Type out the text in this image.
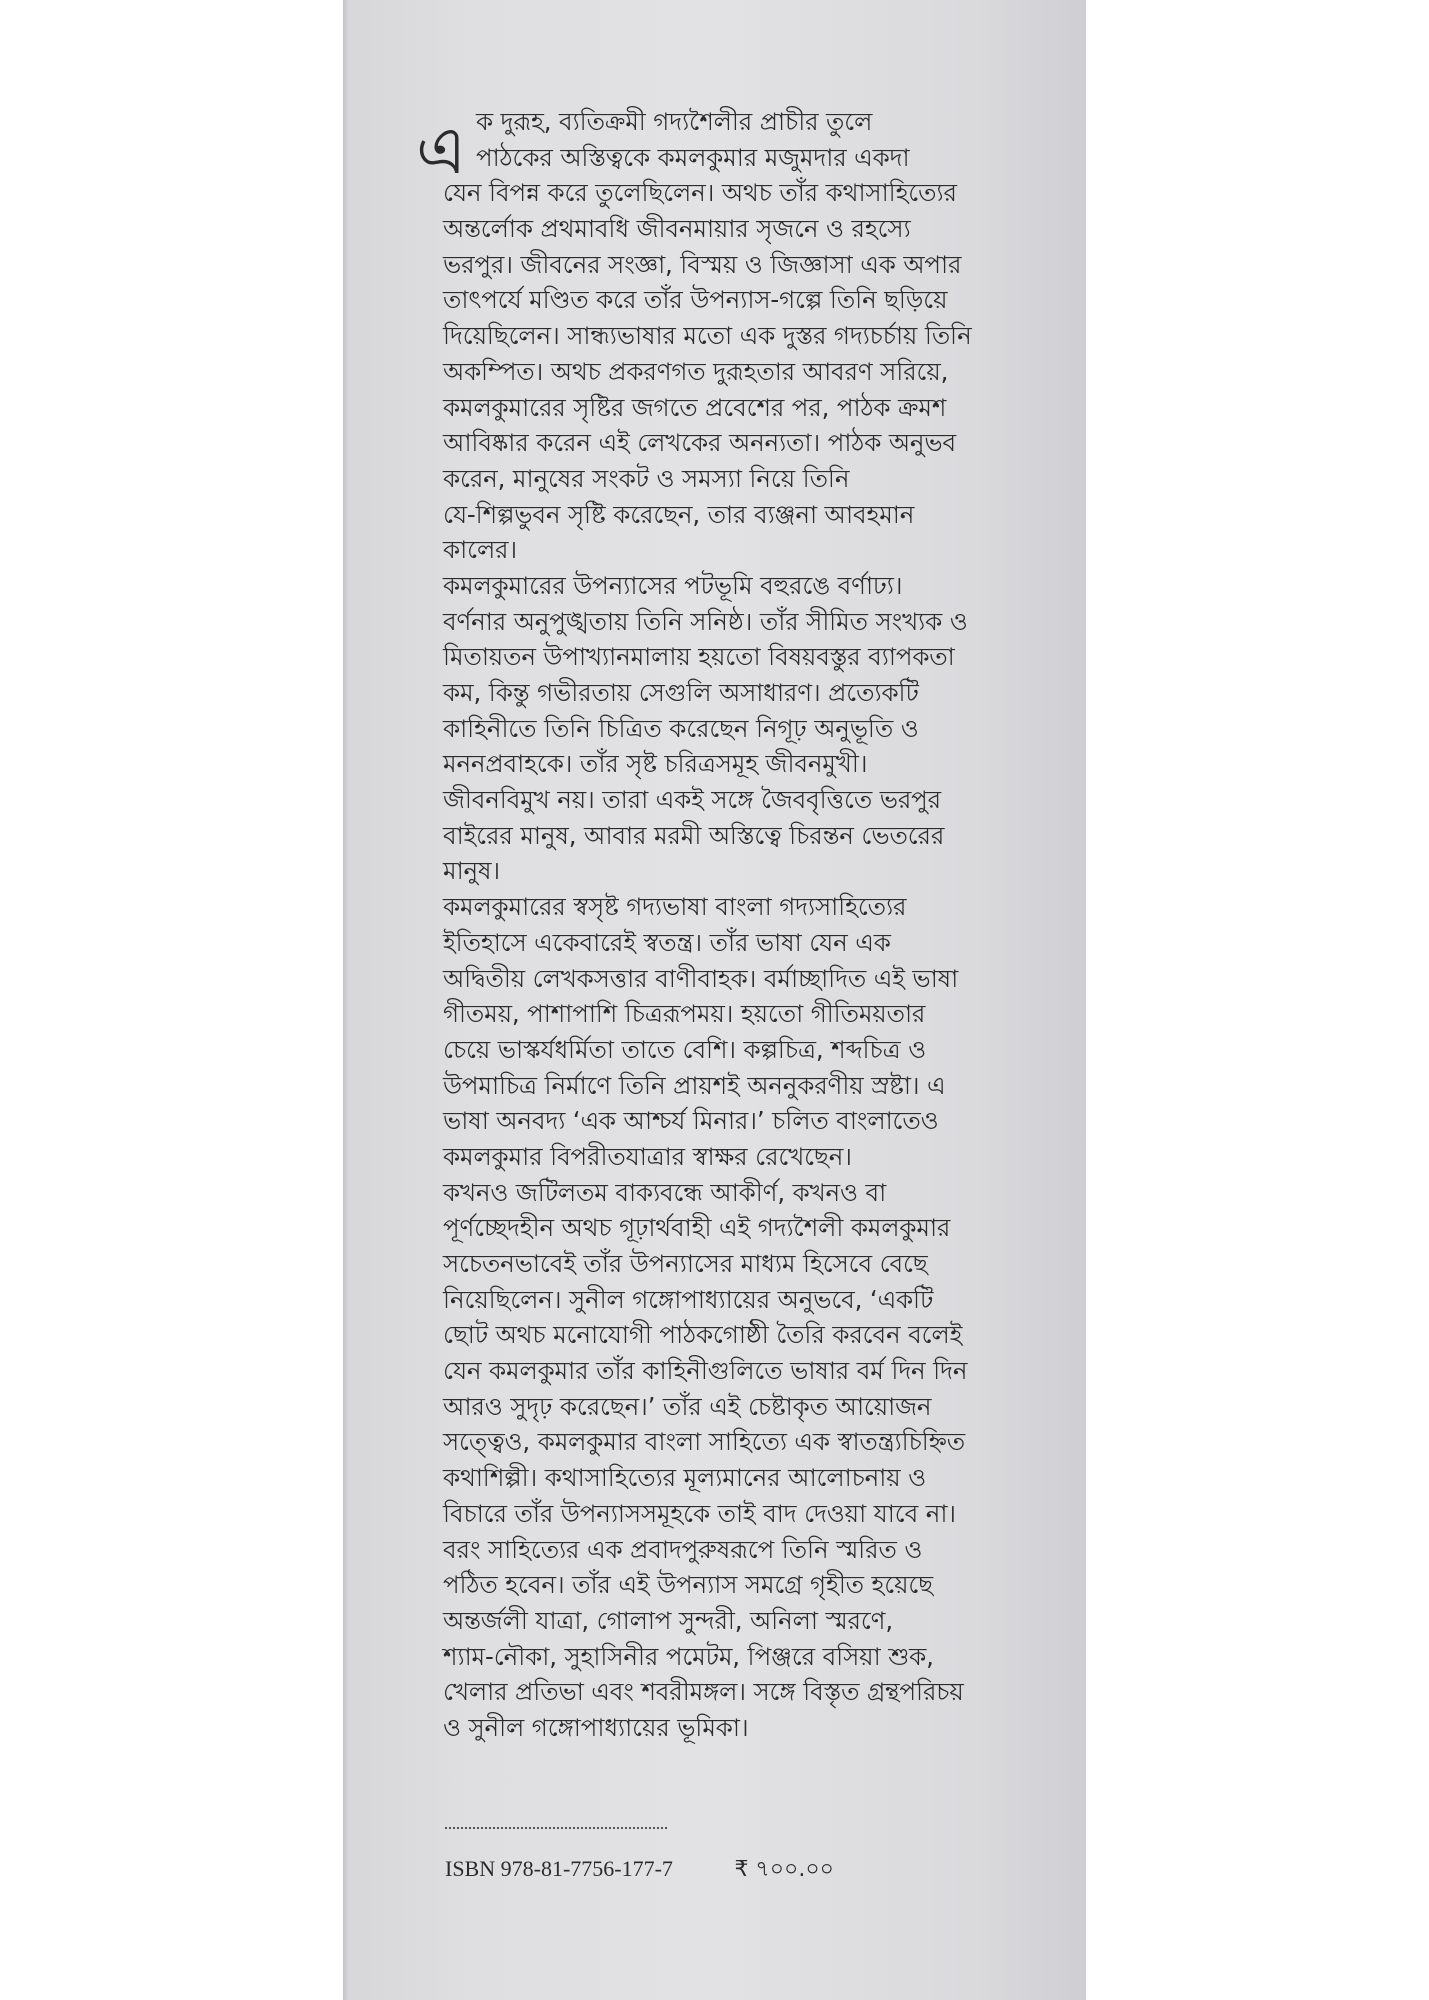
এ ক দুরূহ, ব্যতিক্রমী গদ্যশৈলীর প্রাচীর তুলে
পাঠকের অস্তিত্বকে কমলকুমার মজুমদার একদা
যেন বিপন্ন করে তুলেছিলেন। অথচ তাঁর কথাসাহিত্যের
অন্তর্লোক প্রথমাবধি জীবনমায়ার সৃজনে ও রহস্যে
ভরপুর। জীবনের সংজ্ঞা, বিস্ময় ও জিজ্ঞাসা এক অপার
তাৎপর্যে মণ্ডিত করে তাঁর উপন্যাস-গল্পে তিনি ছড়িয়ে
দিয়েছিলেন। সান্ধ্যভাষার মতো এক দুস্তর গদ্যচর্চায় তিনি
অকম্পিত। অথচ প্রকরণগত দুরূহতার আবরণ সরিয়ে,
কমলকুমারের সৃষ্টির জগতে প্রবেশের পর, পাঠক ক্রমশ
আবিষ্কার করেন এই লেখকের অনন্যতা। পাঠক অনুভব
করেন, মানুষের সংকট ও সমস্যা নিয়ে তিনি
যে-শিল্পভুবন সৃষ্টি করেছেন, তার ব্যঞ্জনা আবহমান
কালের।
কমলকুমারের উপন্যাসের পটভূমি বহুরঙে বর্ণাঢ্য।
বর্ণনার অনুপুঙ্খতায় তিনি সনিষ্ঠ। তাঁর সীমিত সংখ্যক ও
মিতায়তন উপাখ্যানমালায় হয়তো বিষয়বস্তুর ব্যাপকতা
কম, কিন্তু গভীরতায় সেগুলি অসাধারণ। প্রত্যেকটি
কাহিনীতে তিনি চিত্রিত করেছেন নিগূঢ় অনুভূতি ও
মননপ্রবাহকে। তাঁর সৃষ্ট চরিত্রসমূহ জীবনমুখী।
জীবনবিমুখ নয়। তারা একই সঙ্গে জৈববৃত্তিতে ভরপুর
বাইরের মানুষ, আবার মরমী অস্তিত্বে চিরন্তন ভেতরের
মানুষ।
কমলকুমারের স্বসৃষ্ট গদ্যভাষা বাংলা গদ্যসাহিত্যের
ইতিহাসে একেবারেই স্বতন্ত্র। তাঁর ভাষা যেন এক
অদ্বিতীয় লেখকসত্তার বাণীবাহক। বর্মাচ্ছাদিত এই ভাষা
গীতময়, পাশাপাশি চিত্ররূপময়। হয়তো গীতিময়তার
চেয়ে ভাস্কর্যধর্মিতা তাতে বেশি। কল্পচিত্র, শব্দচিত্র ও
উপমাচিত্র নির্মাণে তিনি প্রায়শই অননুকরণীয় স্রষ্টা। এ
ভাষা অনবদ্য ‘এক আশ্চর্য মিনার।’ চলিত বাংলাতেও
কমলকুমার বিপরীতযাত্রার স্বাক্ষর রেখেছেন।
কখনও জটিলতম বাক্যবন্ধে আকীর্ণ, কখনও বা
পূর্ণচ্ছেদহীন অথচ গূঢ়ার্থবাহী এই গদ্যশৈলী কমলকুমার
সচেতনভাবেই তাঁর উপন্যাসের মাধ্যম হিসেবে বেছে
নিয়েছিলেন। সুনীল গঙ্গোপাধ্যায়ের অনুভবে, ‘একটি
ছোট অথচ মনোযোগী পাঠকগোষ্ঠী তৈরি করবেন বলেই
যেন কমলকুমার তাঁর কাহিনীগুলিতে ভাষার বর্ম দিন দিন
আরও সুদৃঢ় করেছেন।’ তাঁর এই চেষ্টাকৃত আয়োজন
সত্ত্বেও, কমলকুমার বাংলা সাহিত্যে এক স্বাতন্ত্র্যচিহ্নিত
কথাশিল্পী। কথাসাহিত্যের মূল্যমানের আলোচনায় ও
বিচারে তাঁর উপন্যাসসমূহকে তাই বাদ দেওয়া যাবে না।
বরং সাহিত্যের এক প্রবাদপুরুষরূপে তিনি স্মরিত ও
পঠিত হবেন। তাঁর এই উপন্যাস সমগ্রে গৃহীত হয়েছে
অন্তর্জলী যাত্রা, গোলাপ সুন্দরী, অনিলা স্মরণে,
শ্যাম-নৌকা, সুহাসিনীর পমেটম, পিঞ্জরে বসিয়া শুক,
খেলার প্রতিভা এবং শবরীমঙ্গল। সঙ্গে বিস্তৃত গ্রন্থপরিচয়
ও সুনীল গঙ্গোপাধ্যায়ের ভূমিকা।
ISBN 978-81-7756-177-7	₹ ৭০০.০০
